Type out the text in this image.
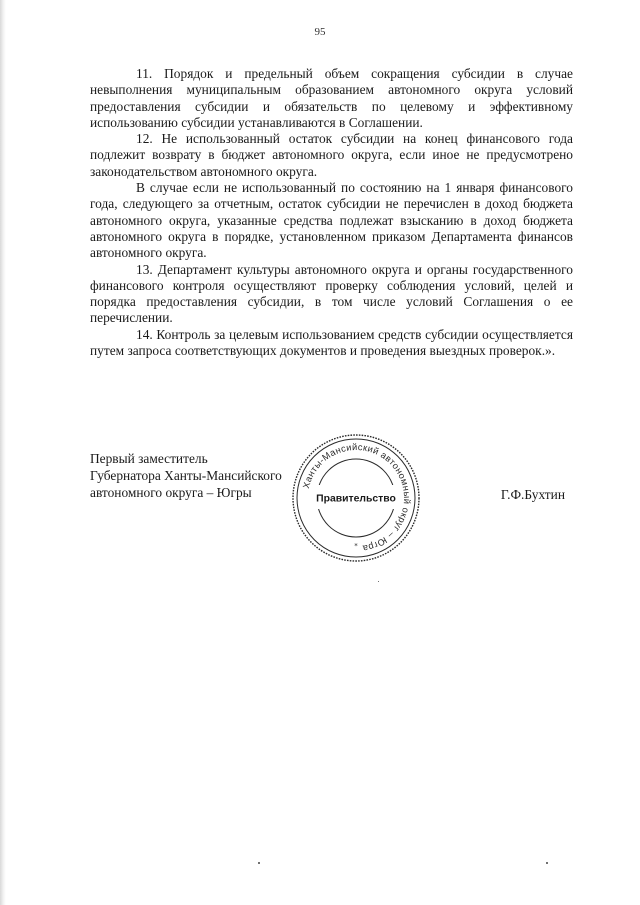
95

11. Порядок и предельный объем сокращения субсидии в случае невыполнения муниципальным образованием автономного округа условий предоставления субсидии и обязательств по целевому и эффективному использованию субсидии устанавливаются в Соглашении.

12. Не использованный остаток субсидии на конец финансового года подлежит возврату в бюджет автономного округа, если иное не предусмотрено законодательством автономного округа.

В случае если не использованный по состоянию на 1 января финансового года, следующего за отчетным, остаток субсидии не перечислен в доход бюджета автономного округа, указанные средства подлежат взысканию в доход бюджета автономного округа в порядке, установленном приказом Департамента финансов автономного округа.

13. Департамент культуры автономного округа и органы государственного финансового контроля осуществляют проверку соблюдения условий, целей и порядка предоставления субсидии, в том числе условий Соглашения о ее перечислении.

14. Контроль за целевым использованием средств субсидии осуществляется путем запроса соответствующих документов и проведения выездных проверок.».

Первый заместитель
Губернатора Ханты-Мансийского
автономного округа – Югры	Г.Ф.Бухтин
Ханты-Мансийский автономный округ – Югра
Правительство
*
